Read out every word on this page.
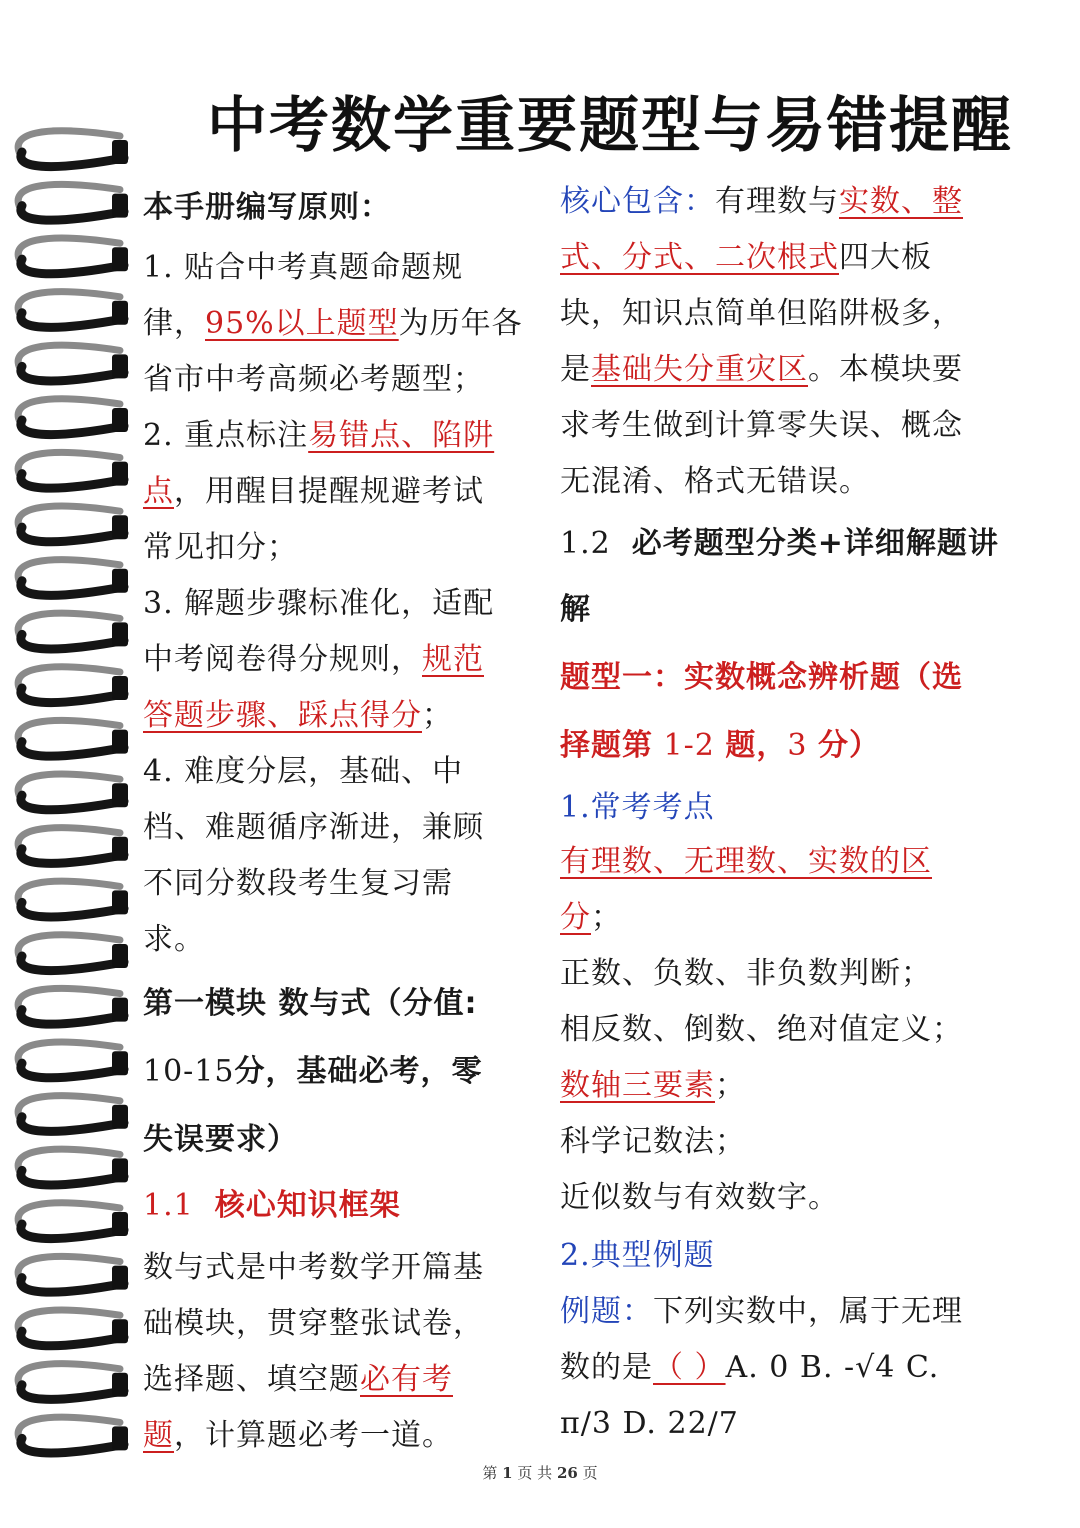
中考数学重要题型与易错提醒
本手册编写原则：
1. 贴合中考真题命题规
律，95%以上题型为历年各
省市中考高频必考题型；
2. 重点标注易错点、陷阱
点，用醒目提醒规避考试
常见扣分；
3. 解题步骤标准化，适配
中考阅卷得分规则，规范
答题步骤、踩点得分；
4. 难度分层，基础、中
档、难题循序渐进，兼顾
不同分数段考生复习需
求。
第一模块 数与式（分值:
10-15分，基础必考，零
失误要求）
1.1 核心知识框架
数与式是中考数学开篇基
础模块，贯穿整张试卷，
选择题、填空题必有考
题，计算题必考一道。
核心包含：有理数与实数、整
式、分式、二次根式四大板
块，知识点简单但陷阱极多，
是基础失分重灾区。本模块要
求考生做到计算零失误、概念
无混淆、格式无错误。
1.2 必考题型分类+详细解题讲
解
题型一：实数概念辨析题（选
择题第 1-2 题，3 分）
1.常考考点
有理数、无理数、实数的区
分；
正数、负数、非负数判断；
相反数、倒数、绝对值定义；
数轴三要素；
科学记数法；
近似数与有效数字。
2.典型例题
例题：下列实数中，属于无理
数的是（ ）A. 0 B. -√4 C.
π/3 D. 22/7
第 1 页 共 26 页
